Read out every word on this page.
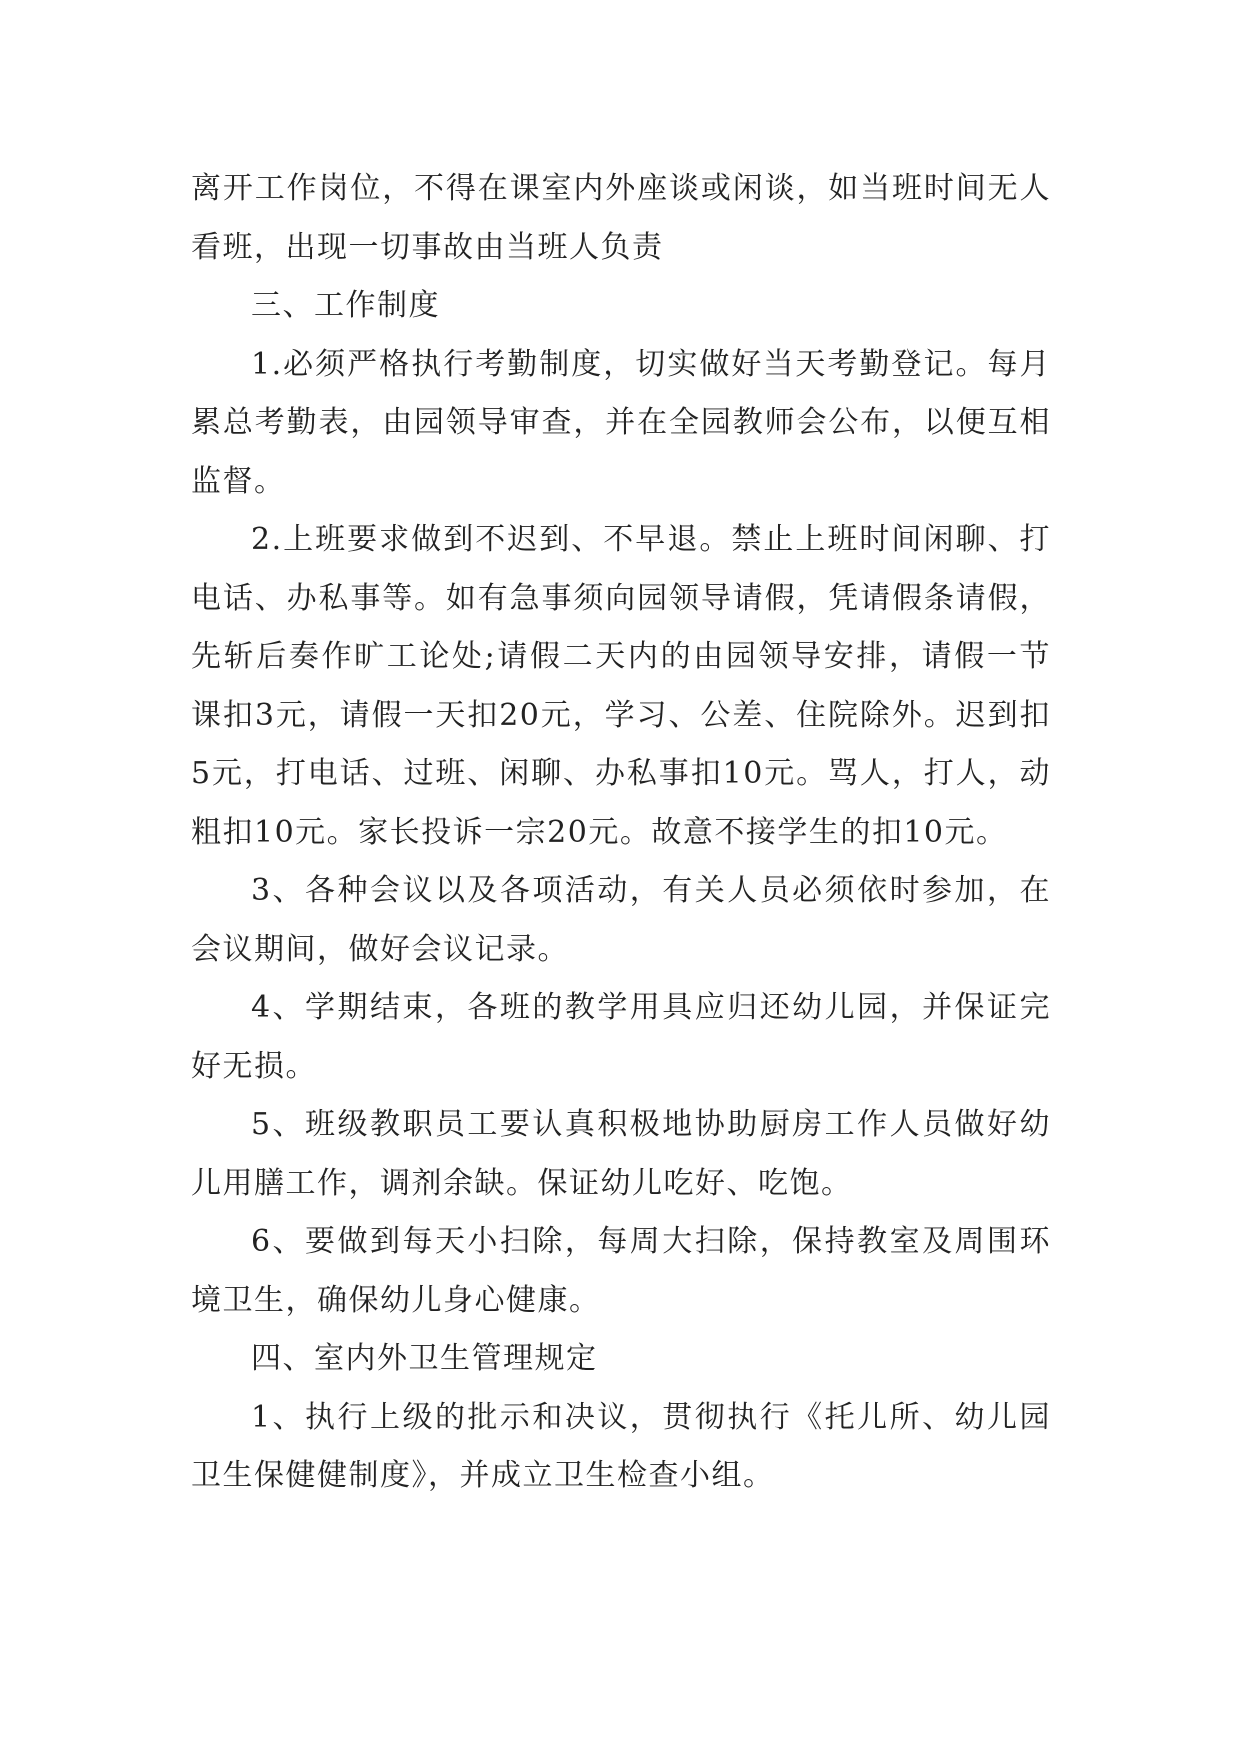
离开工作岗位，不得在课室内外座谈或闲谈，如当班时间无人看班，出现一切事故由当班人负责

三、工作制度

1.必须严格执行考勤制度，切实做好当天考勤登记。每月累总考勤表，由园领导审查，并在全园教师会公布，以便互相监督。

2.上班要求做到不迟到、不早退。禁止上班时间闲聊、打电话、办私事等。如有急事须向园领导请假，凭请假条请假，先斩后奏作旷工论处;请假二天内的由园领导安排，请假一节课扣3元，请假一天扣20元，学习、公差、住院除外。迟到扣5元，打电话、过班、闲聊、办私事扣10元。骂人，打人，动粗扣10元。家长投诉一宗20元。故意不接学生的扣10元。

3、各种会议以及各项活动，有关人员必须依时参加，在会议期间，做好会议记录。

4、学期结束，各班的教学用具应归还幼儿园，并保证完好无损。

5、班级教职员工要认真积极地协助厨房工作人员做好幼儿用膳工作，调剂余缺。保证幼儿吃好、吃饱。

6、要做到每天小扫除，每周大扫除，保持教室及周围环境卫生，确保幼儿身心健康。

四、室内外卫生管理规定

1、执行上级的批示和决议，贯彻执行《托儿所、幼儿园卫生保健健制度》，并成立卫生检查小组。
